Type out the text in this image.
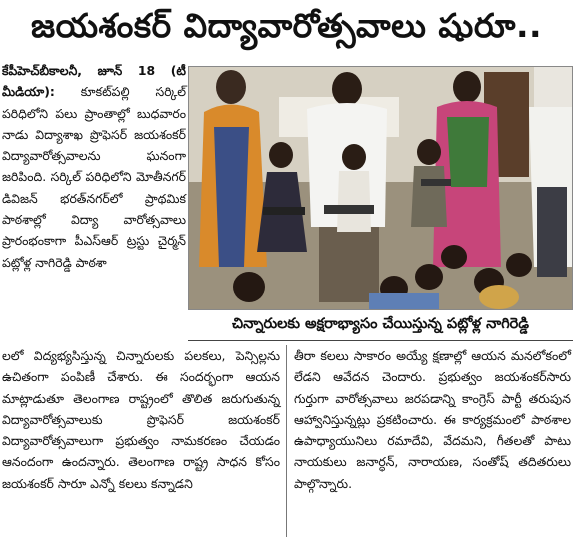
జయశంకర్ విద్యావారోత్సవాలు షురూ..

కేపీహెచ్‌బీకాలనీ, జూన్ 18 (టీ మీడియా): కూకట్‌పల్లి సర్కిల్ పరిధిలోని పలు ప్రాంతాల్లో బుధవారం నాడు విద్యాశాఖ ప్రొఫెసర్ జయశంకర్ విద్యావారోత్సవాలను ఘనంగా జరిపింది. సర్కిల్ పరిధిలోని మోతీనగర్ డివిజన్ భరత్‌నగర్‌లో ప్రాథమిక పాఠశాల్లో విద్యా వారోత్సవాలు ప్రారంభంకాగా పీఎస్‌ఆర్ ట్రస్టు చైర్మన్ పట్లోళ్ల నాగిరెడ్డి పాఠశా

చిన్నారులకు అక్షరాభ్యాసం చేయిస్తున్న పట్లోళ్ల నాగిరెడ్డి

లలో విద్యభ్యసిస్తున్న చిన్నారులకు పలకలు, పెన్సిల్లను ఉచితంగా పంపిణీ చేశారు. ఈ సందర్భంగా ఆయన మాట్లాడుతూ తెలంగాణ రాష్ట్రంలో తొలిత జరుగుతున్న విద్యావారోత్సవాలుకు ప్రొఫెసర్ జయశంకర్ విద్యావారోత్సవాలుగా ప్రభుత్వం నామకరణం చేయడం ఆనందంగా ఉందన్నారు. తెలంగాణ రాష్ట్ర సాధన కోసం జయశంకర్ సారూ ఎన్నో కలలు కన్నాడని

తీరా కలలు సాకారం అయ్యే క్షణాల్లో ఆయన మనలోకంలో లేడని ఆవేదన చెందారు. ప్రభుత్వం జయశంకర్‌సారు గుర్తుగా వారోత్సవాలు జరపడాన్ని కాంగ్రెస్ పార్టీ తరుపున ఆహ్వానిస్తున్నట్లు ప్రకటించారు. ఈ కార్యక్రమంలో పాఠశాల ఉపాధ్యాయునిలు రమాదేవి, వేదమని, గీతలతో పాటు నాయకులు జనార్ధన్, నారాయణ, సంతోష్ తదితరులు పాల్గొన్నారు.
